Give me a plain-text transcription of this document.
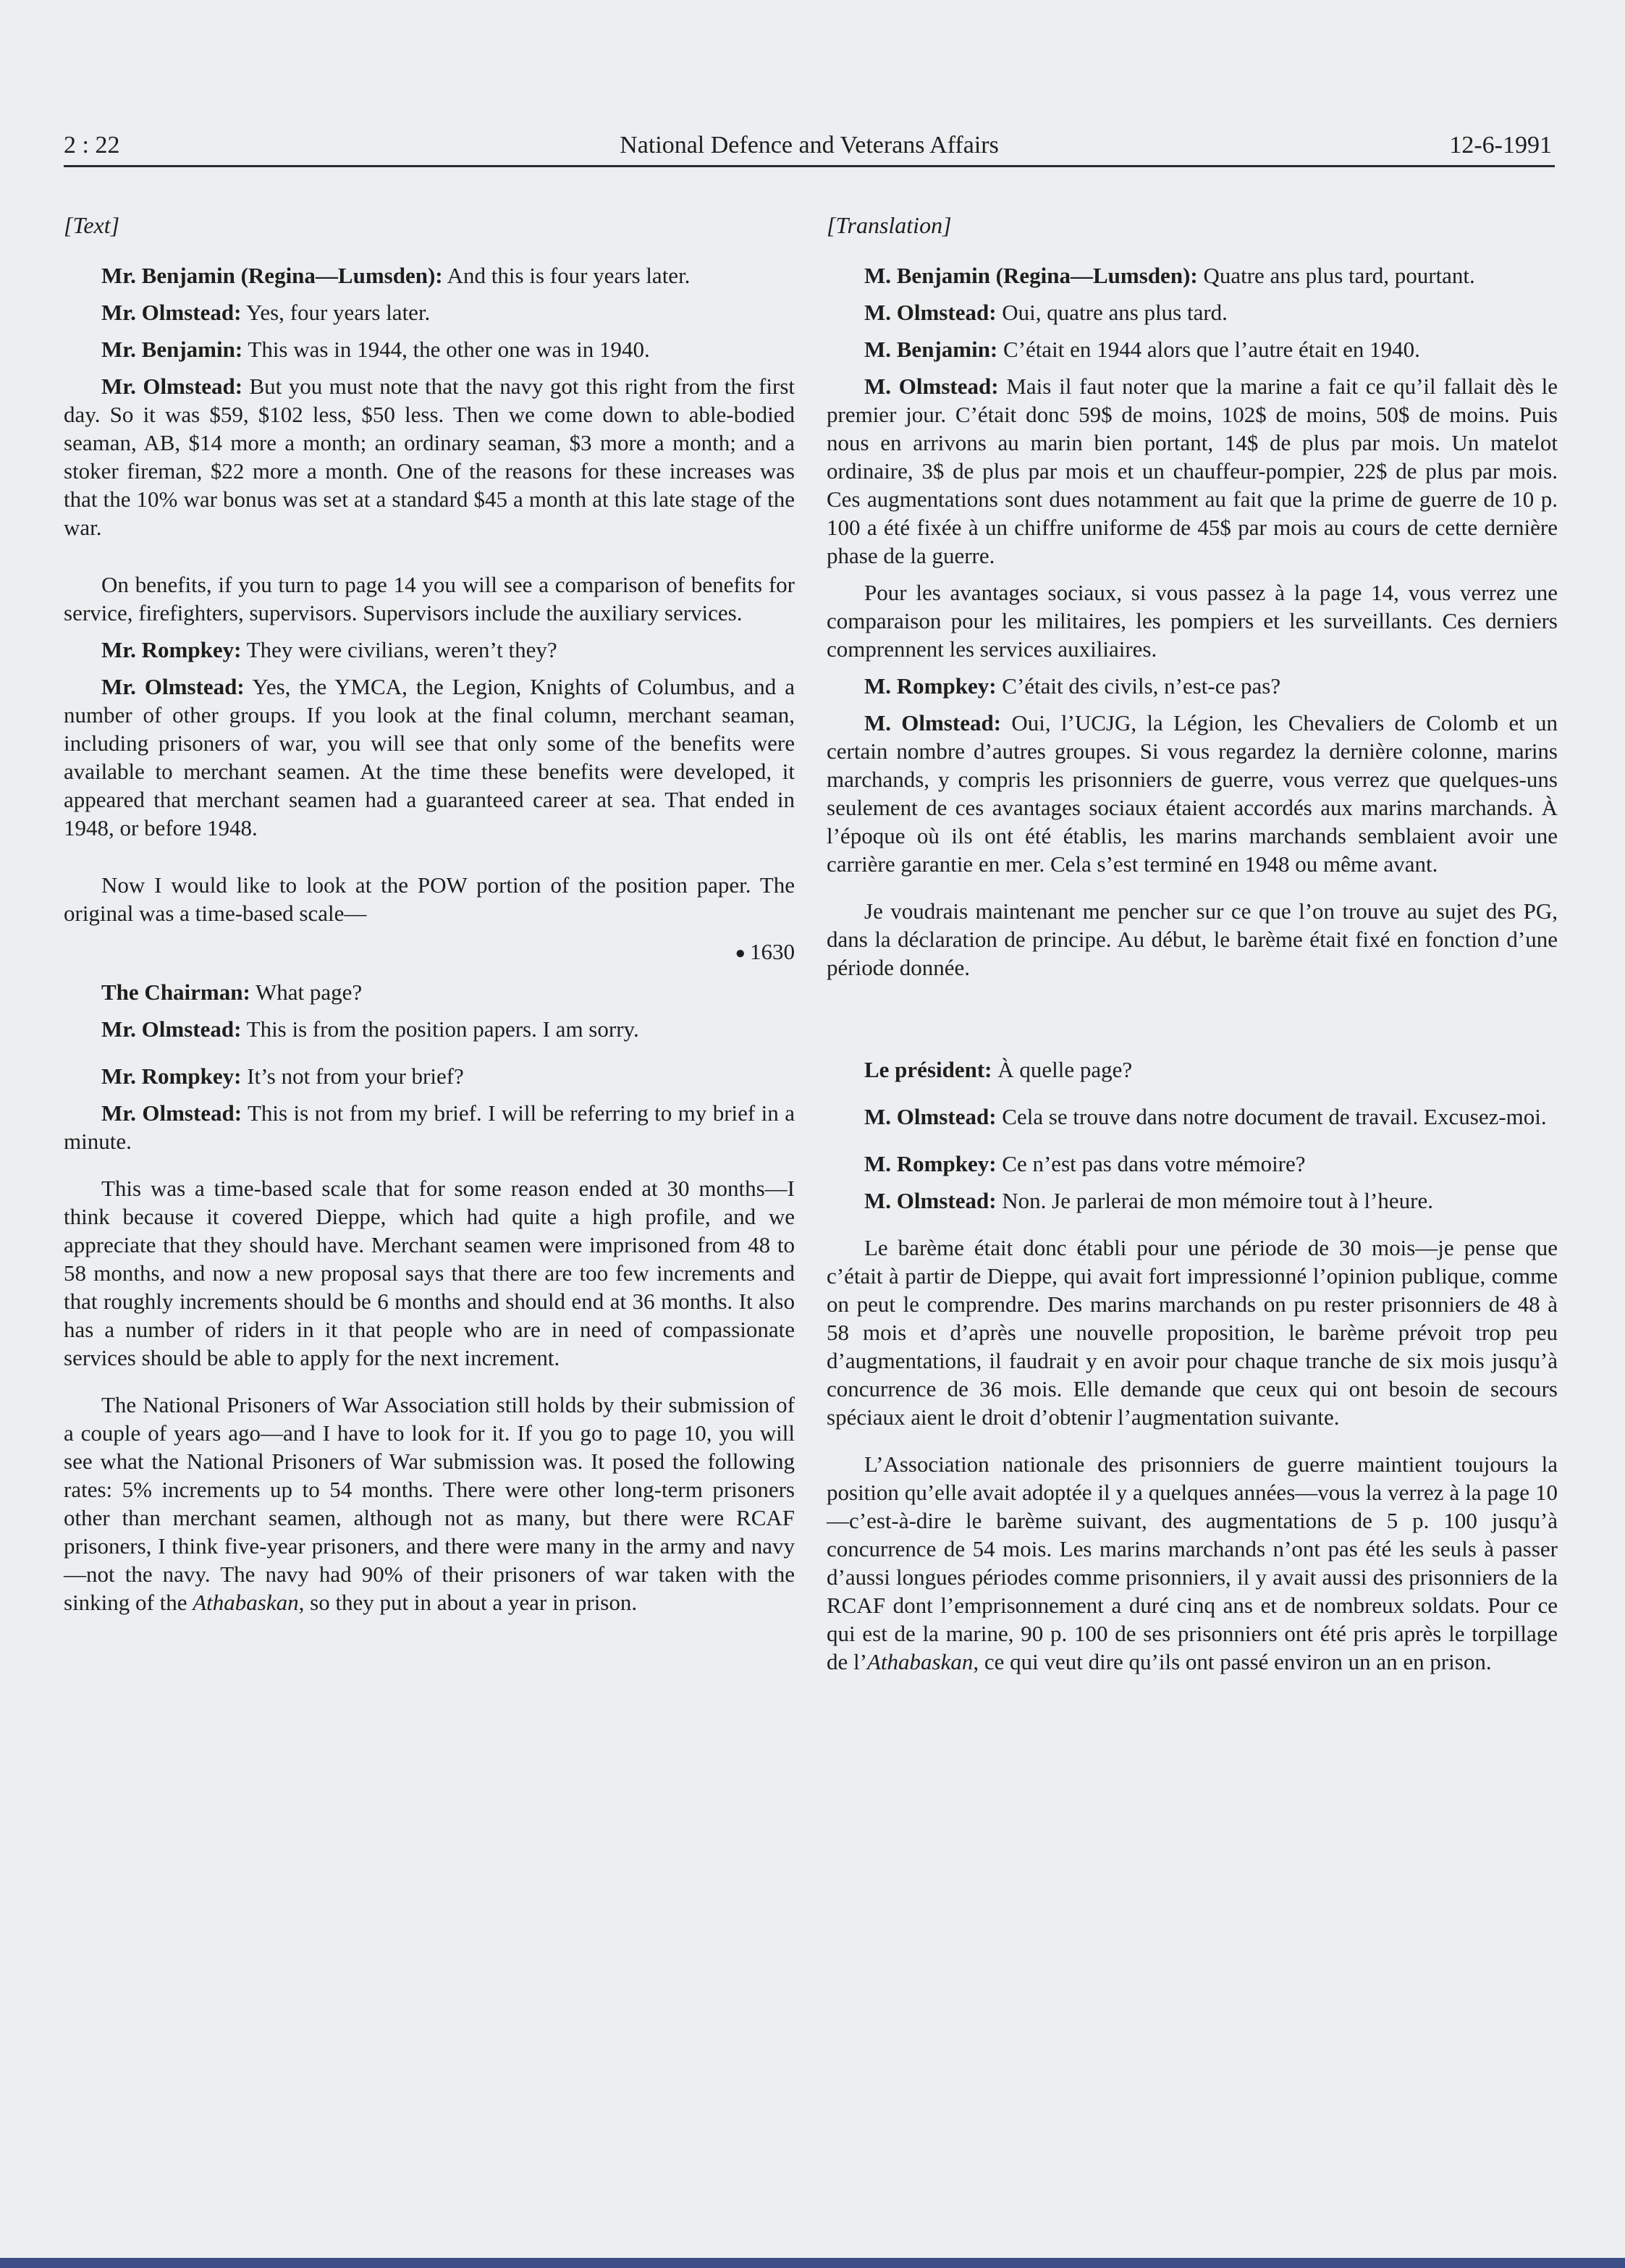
2 : 22	National Defence and Veterans Affairs	12-6-1991
[Text]

Mr. Benjamin (Regina—Lumsden): And this is four years later.

Mr. Olmstead: Yes, four years later.

Mr. Benjamin: This was in 1944, the other one was in 1940.

Mr. Olmstead: But you must note that the navy got this right from the first day. So it was $59, $102 less, $50 less. Then we come down to able-bodied seaman, AB, $14 more a month; an ordinary seaman, $3 more a month; and a stoker fireman, $22 more a month. One of the reasons for these increases was that the 10% war bonus was set at a standard $45 a month at this late stage of the war.

On benefits, if you turn to page 14 you will see a comparison of benefits for service, firefighters, supervisors. Supervisors include the auxiliary services.

Mr. Rompkey: They were civilians, weren’t they?

Mr. Olmstead: Yes, the YMCA, the Legion, Knights of Columbus, and a number of other groups. If you look at the final column, merchant seaman, including prisoners of war, you will see that only some of the benefits were available to merchant seamen. At the time these benefits were developed, it appeared that merchant seamen had a guaranteed career at sea. That ended in 1948, or before 1948.

Now I would like to look at the POW portion of the position paper. The original was a time-based scale—

● 1630

The Chairman: What page?

Mr. Olmstead: This is from the position papers. I am sorry.

Mr. Rompkey: It’s not from your brief?

Mr. Olmstead: This is not from my brief. I will be referring to my brief in a minute.

This was a time-based scale that for some reason ended at 30 months—I think because it covered Dieppe, which had quite a high profile, and we appreciate that they should have. Merchant seamen were imprisoned from 48 to 58 months, and now a new proposal says that there are too few increments and that roughly increments should be 6 months and should end at 36 months. It also has a number of riders in it that people who are in need of compassionate services should be able to apply for the next increment.

The National Prisoners of War Association still holds by their submission of a couple of years ago—and I have to look for it. If you go to page 10, you will see what the National Prisoners of War submission was. It posed the following rates: 5% increments up to 54 months. There were other long-term prisoners other than merchant seamen, although not as many, but there were RCAF prisoners, I think five-year prisoners, and there were many in the army and navy—not the navy. The navy had 90% of their prisoners of war taken with the sinking of the Athabaskan, so they put in about a year in prison.

[Translation]

M. Benjamin (Regina—Lumsden): Quatre ans plus tard, pourtant.

M. Olmstead: Oui, quatre ans plus tard.

M. Benjamin: C’était en 1944 alors que l’autre était en 1940.

M. Olmstead: Mais il faut noter que la marine a fait ce qu’il fallait dès le premier jour. C’était donc 59$ de moins, 102$ de moins, 50$ de moins. Puis nous en arrivons au marin bien portant, 14$ de plus par mois. Un matelot ordinaire, 3$ de plus par mois et un chauffeur-pompier, 22$ de plus par mois. Ces augmentations sont dues notamment au fait que la prime de guerre de 10 p. 100 a été fixée à un chiffre uniforme de 45$ par mois au cours de cette dernière phase de la guerre.

Pour les avantages sociaux, si vous passez à la page 14, vous verrez une comparaison pour les militaires, les pompiers et les surveillants. Ces derniers comprennent les services auxiliaires.

M. Rompkey: C’était des civils, n’est-ce pas?

M. Olmstead: Oui, l’UCJG, la Légion, les Chevaliers de Colomb et un certain nombre d’autres groupes. Si vous regardez la dernière colonne, marins marchands, y compris les prisonniers de guerre, vous verrez que quelques-uns seulement de ces avantages sociaux étaient accordés aux marins marchands. À l’époque où ils ont été établis, les marins marchands semblaient avoir une carrière garantie en mer. Cela s’est terminé en 1948 ou même avant.

Je voudrais maintenant me pencher sur ce que l’on trouve au sujet des PG, dans la déclaration de principe. Au début, le barème était fixé en fonction d’une période donnée.

Le président: À quelle page?

M. Olmstead: Cela se trouve dans notre document de travail. Excusez-moi.

M. Rompkey: Ce n’est pas dans votre mémoire?

M. Olmstead: Non. Je parlerai de mon mémoire tout à l’heure.

Le barème était donc établi pour une période de 30 mois—je pense que c’était à partir de Dieppe, qui avait fort impressionné l’opinion publique, comme on peut le comprendre. Des marins marchands on pu rester prisonniers de 48 à 58 mois et d’après une nouvelle proposition, le barème prévoit trop peu d’augmentations, il faudrait y en avoir pour chaque tranche de six mois jusqu’à concurrence de 36 mois. Elle demande que ceux qui ont besoin de secours spéciaux aient le droit d’obtenir l’augmentation suivante.

L’Association nationale des prisonniers de guerre maintient toujours la position qu’elle avait adoptée il y a quelques années—vous la verrez à la page 10—c’est-à-dire le barème suivant, des augmentations de 5 p. 100 jusqu’à concurrence de 54 mois. Les marins marchands n’ont pas été les seuls à passer d’aussi longues périodes comme prisonniers, il y avait aussi des prisonniers de la RCAF dont l’emprisonnement a duré cinq ans et de nombreux soldats. Pour ce qui est de la marine, 90 p. 100 de ses prisonniers ont été pris après le torpillage de l’Athabaskan, ce qui veut dire qu’ils ont passé environ un an en prison.
